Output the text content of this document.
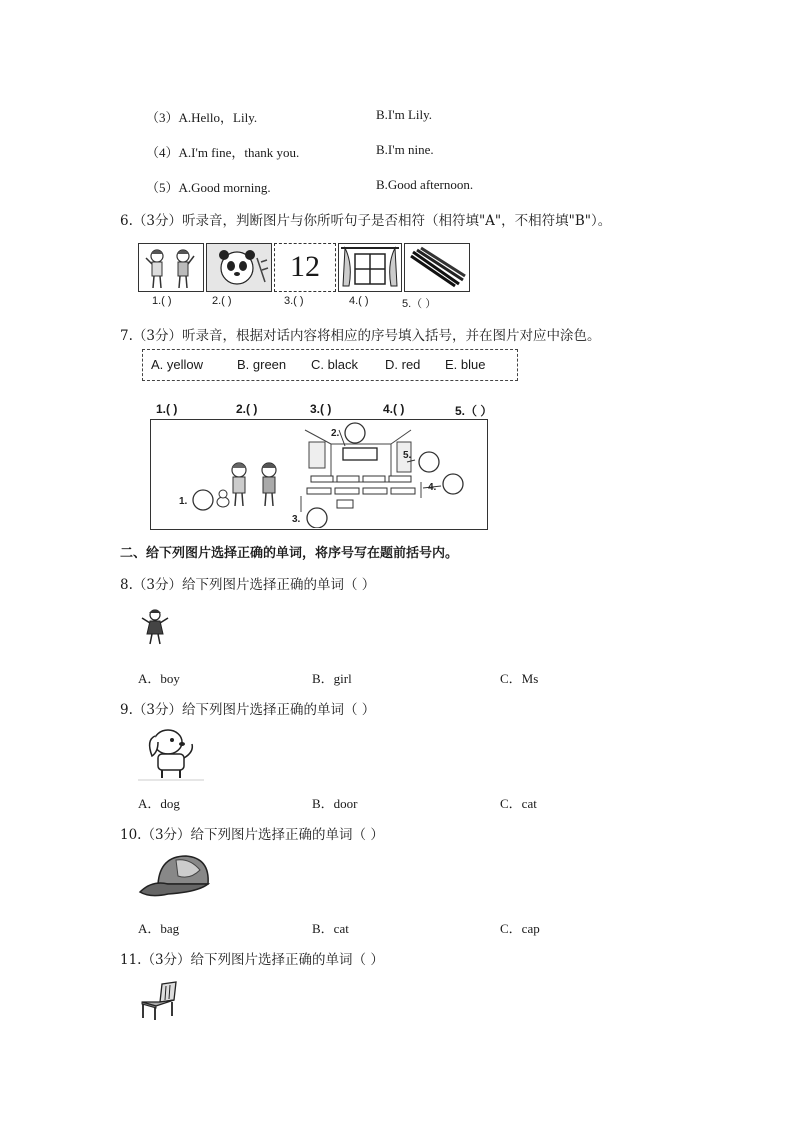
（3）A.Hello，Lily.	B.I'm Lily.
（4）A.I'm fine，thank you.	B.I'm nine.
（5）A.Good morning.	B.Good afternoon.
6.（3分）听录音，判断图片与你所听句子是否相符（相符填"A"，不相符填"B"）。
12
1.( )	2.( )	3.( )	4.( )	5.（ ）
7.（3分）听录音，根据对话内容将相应的序号填入括号，并在图片对应中涂色。
A. yellow	B. green C. black D. red E. blue
1.( )	2.( )	3.( )	4.( )	5.（ ）
1.
2.
3.
4.
5.
二、给下列图片选择正确的单词，将序号写在题前括号内。
8.（3分）给下列图片选择正确的单词（ ）
A．boy	B．girl	C．Ms
9.（3分）给下列图片选择正确的单词（ ）
A．dog	B．door	C．cat
10.（3分）给下列图片选择正确的单词（ ）
A．bag	B．cat	C．cap
11.（3分）给下列图片选择正确的单词（ ）
